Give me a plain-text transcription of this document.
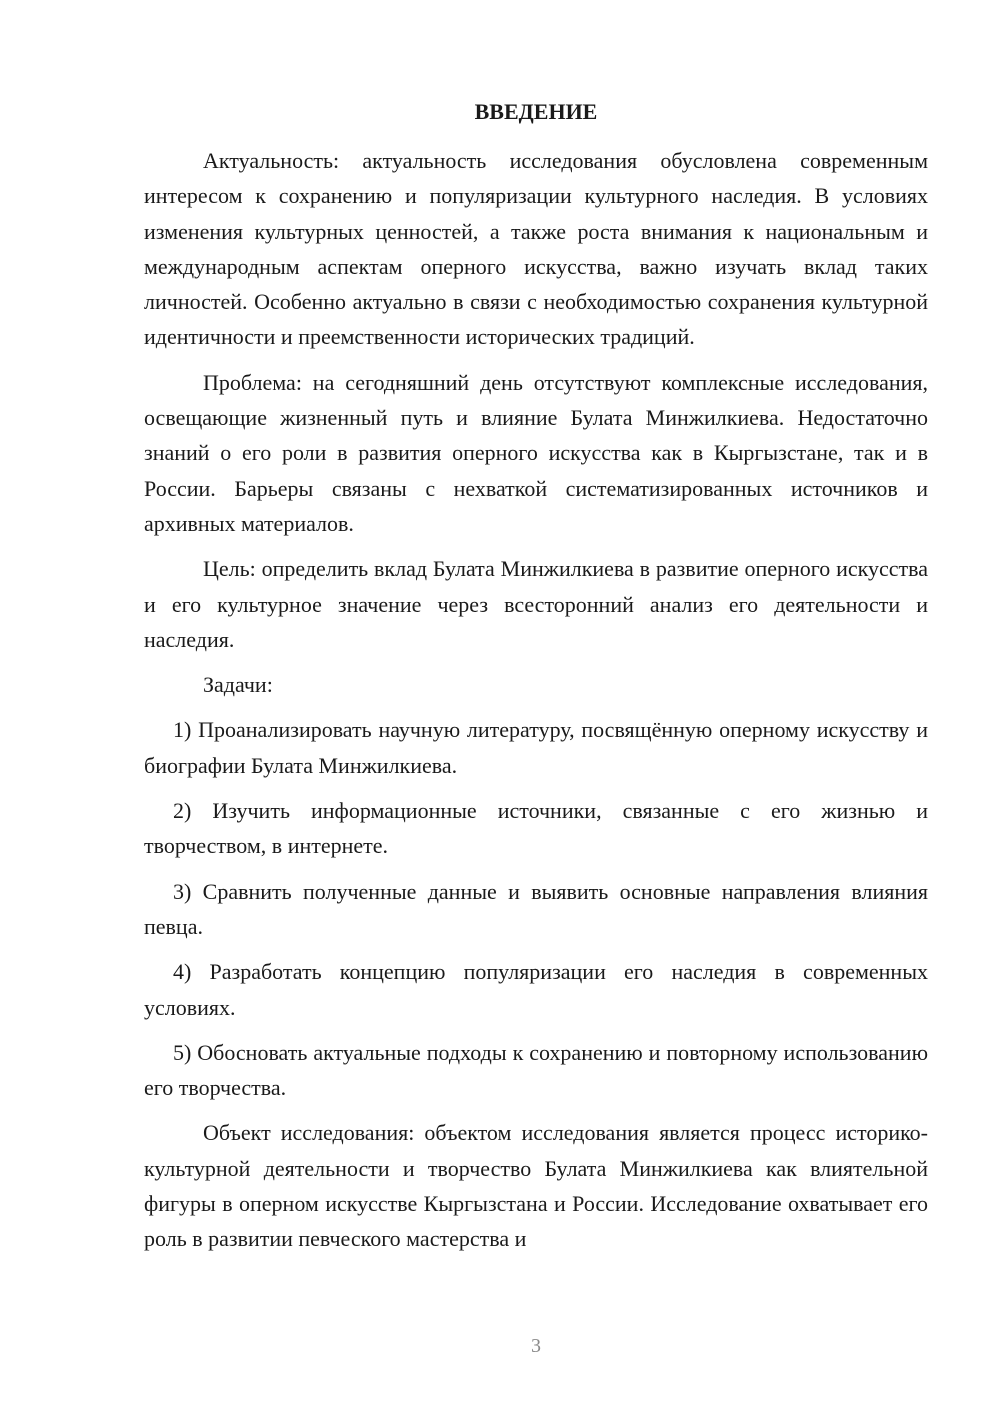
ВВЕДЕНИЕ

Актуальность: актуальность исследования обусловлена современным интересом к сохранению и популяризации культурного наследия. В условиях изменения культурных ценностей, а также роста внимания к национальным и международным аспектам оперного искусства, важно изучать вклад таких личностей. Особенно актуально в связи с необходимостью сохранения культурной идентичности и преемственности исторических традиций.

Проблема: на сегодняшний день отсутствуют комплексные исследования, освещающие жизненный путь и влияние Булата Минжилкиева. Недостаточно знаний о его роли в развития оперного искусства как в Кыргызстане, так и в России. Барьеры связаны с нехваткой систематизированных источников и архивных материалов.

Цель: определить вклад Булата Минжилкиева в развитие оперного искусства и его культурное значение через всесторонний анализ его деятельности и наследия.

Задачи:

1) Проанализировать научную литературу, посвящённую оперному искусству и биографии Булата Минжилкиева.

2) Изучить информационные источники, связанные с его жизнью и творчеством, в интернете.

3) Сравнить полученные данные и выявить основные направления влияния певца.

4) Разработать концепцию популяризации его наследия в современных условиях.

5) Обосновать актуальные подходы к сохранению и повторному использованию его творчества.

Объект исследования: объектом исследования является процесс историко-культурной деятельности и творчество Булата Минжилкиева как влиятельной фигуры в оперном искусстве Кыргызстана и России. Исследование охватывает его роль в развитии певческого мастерства и

3
